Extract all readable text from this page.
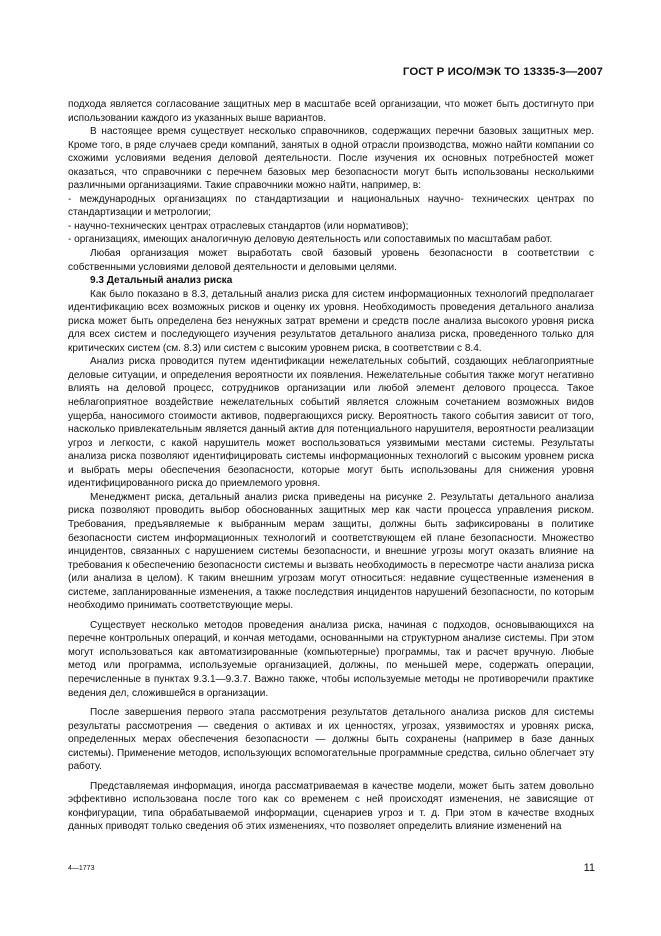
ГОСТ Р ИСО/МЭК ТО 13335-3—2007

подхода является согласование защитных мер в масштабе всей организации, что может быть достигнуто при использовании каждого из указанных выше вариантов.

В настоящее время существует несколько справочников, содержащих перечни базовых защитных мер. Кроме того, в ряде случаев среди компаний, занятых в одной отрасли производства, можно найти компании со схожими условиями ведения деловой деятельности. После изучения их основных потребностей может оказаться, что справочники с перечнем базовых мер безопасности могут быть использованы несколькими различными организациями. Такие справочники можно найти, например, в:

- международных организациях по стандартизации и национальных научно- технических центрах по стандартизации и метрологии;

- научно-технических центрах отраслевых стандартов (или нормативов);

- организациях, имеющих аналогичную деловую деятельность или сопоставимых по масштабам работ.

Любая организация может выработать свой базовый уровень безопасности в соответствии с собственными условиями деловой деятельности и деловыми целями.

9.3 Детальный анализ риска

Как было показано в 8.3, детальный анализ риска для систем информационных технологий предполагает идентификацию всех возможных рисков и оценку их уровня. Необходимость проведения детального анализа риска может быть определена без ненужных затрат времени и средств после анализа высокого уровня риска для всех систем и последующего изучения результатов детального анализа риска, проведенного только для критических систем (см. 8.3) или систем с высоким уровнем риска, в соответствии с 8.4.

Анализ риска проводится путем идентификации нежелательных событий, создающих неблагоприятные деловые ситуации, и определения вероятности их появления. Нежелательные события также могут негативно влиять на деловой процесс, сотрудников организации или любой элемент делового процесса. Такое неблагоприятное воздействие нежелательных событий является сложным сочетанием возможных видов ущерба, наносимого стоимости активов, подвергающихся риску. Вероятность такого события зависит от того, насколько привлекательным является данный актив для потенциального нарушителя, вероятности реализации угроз и легкости, с какой нарушитель может воспользоваться уязвимыми местами системы. Результаты анализа риска позволяют идентифицировать системы информационных технологий с высоким уровнем риска и выбрать меры обеспечения безопасности, которые могут быть использованы для снижения уровня идентифицированного риска до приемлемого уровня.

Менеджмент риска, детальный анализ риска приведены на рисунке 2. Результаты детального анализа риска позволяют проводить выбор обоснованных защитных мер как части процесса управления риском. Требования, предъявляемые к выбранным мерам защиты, должны быть зафиксированы в политике безопасности систем информационных технологий и соответствующем ей плане безопасности. Множество инцидентов, связанных с нарушением системы безопасности, и внешние угрозы могут оказать влияние на требования к обеспечению безопасности системы и вызвать необходимость в пересмотре части анализа риска (или анализа в целом). К таким внешним угрозам могут относиться: недавние существенные изменения в системе, запланированные изменения, а также последствия инцидентов нарушений безопасности, по которым необходимо принимать соответствующие меры.

Существует несколько методов проведения анализа риска, начиная с подходов, основывающихся на перечне контрольных операций, и кончая методами, основанными на структурном анализе системы. При этом могут использоваться как автоматизированные (компьютерные) программы, так и расчет вручную. Любые метод или программа, используемые организацией, должны, по меньшей мере, содержать операции, перечисленные в пунктах 9.3.1—9.3.7. Важно также, чтобы используемые методы не противоречили практике ведения дел, сложившейся в организации.

После завершения первого этапа рассмотрения результатов детального анализа рисков для системы результаты рассмотрения — сведения о активах и их ценностях, угрозах, уязвимостях и уровнях риска, определенных мерах обеспечения безопасности — должны быть сохранены (например в базе данных системы). Применение методов, использующих вспомогательные программные средства, сильно облегчает эту работу.

Представляемая информация, иногда рассматриваемая в качестве модели, может быть затем довольно эффективно использована после того как со временем с ней происходят изменения, не зависящие от конфигурации, типа обрабатываемой информации, сценариев угроз и т. д. При этом в качестве входных данных приводят только сведения об этих изменениях, что позволяет определить влияние изменений на

4—1773	11
